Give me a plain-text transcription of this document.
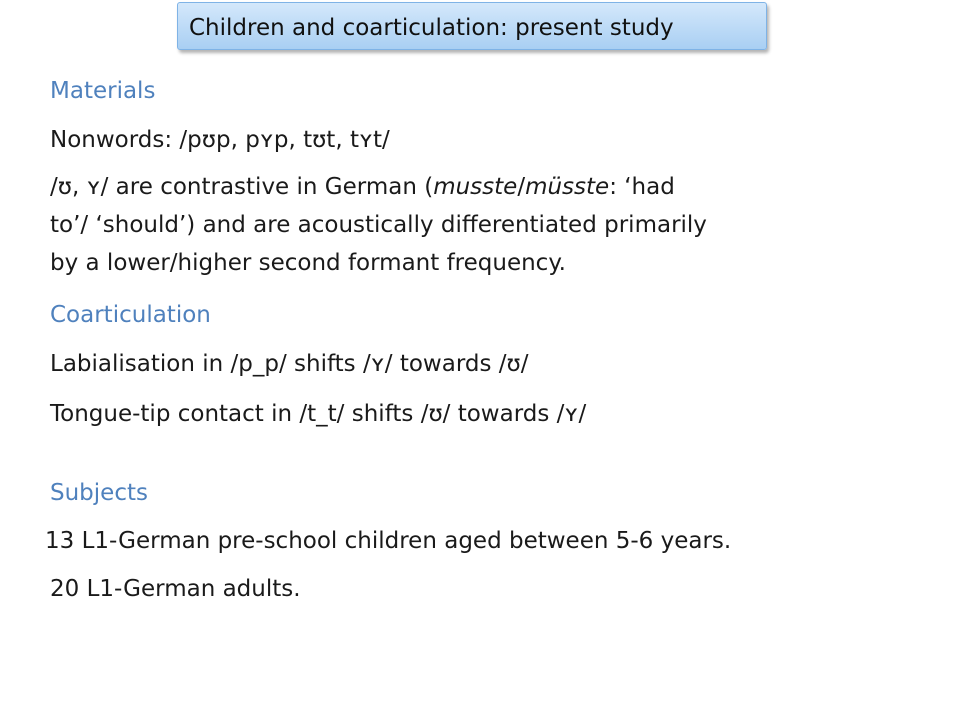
Children and coarticulation: present study
Materials
Nonwords: /pʊp, pʏp, tʊt, tʏt/
/ʊ, ʏ/ are contrastive in German (musste/müsste: ‘had
to’/ ‘should’) and are acoustically differentiated primarily
by a lower/higher second formant frequency.
Coarticulation
Labialisation in /p_p/ shifts /ʏ/ towards /ʊ/
Tongue-tip contact in /t_t/ shifts /ʊ/ towards /ʏ/
Subjects
13 L1-German pre-school children aged between 5-6 years.
20 L1-German adults.
